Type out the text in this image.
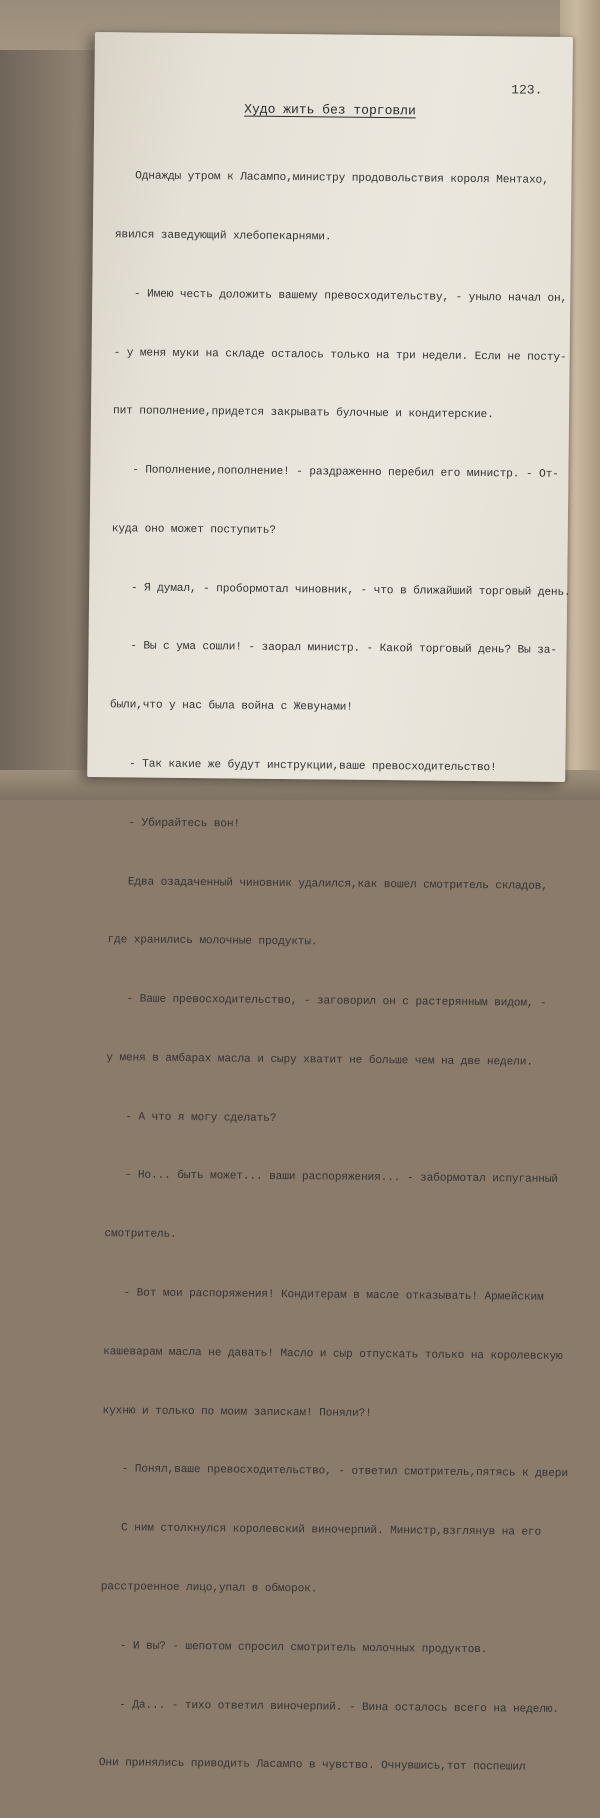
123.
Худо жить без торговли

Однажды утром к Ласампо,министру продовольствия короля Ментахо,

явился заведующий хлебопекарнями.

- Имею честь доложить вашему превосходительству, - уныло начал он,

- у меня муки на складе осталось только на три недели. Если не посту-

пит пополнение,придется закрывать булочные и кондитерские.

- Пополнение,пополнение! - раздраженно перебил его министр. - От-

куда оно может поступить?

- Я думал, - пробормотал чиновник, - что в ближайший торговый день.

- Вы с ума сошли! - заорал министр. - Какой торговый день? Вы за-

были,что у нас была война с Жевунами!

- Так какие же будут инструкции,ваше превосходительство!

- Убирайтесь вон!

Едва озадаченный чиновник удалился,как вошел смотритель складов,

где хранились молочные продукты.

- Ваше превосходительство, - заговорил он с растерянным видом, -

у меня в амбарах масла и сыру хватит не больше чем на две недели.

- А что я могу сделать?

- Но... быть может... ваши распоряжения... - забормотал испуганный

смотритель.

- Вот мои распоряжения! Кондитерам в масле отказывать! Армейским

кашеварам масла не давать! Масло и сыр отпускать только на королевскую

кухню и только по моим запискам! Поняли?!

- Понял,ваше превосходительство, - ответил смотритель,пятясь к двери

С ним столкнулся королевский виночерпий. Министр,взглянув на его

расстроенное лицо,упал в обморок.

- И вы? - шепотом спросил смотритель молочных продуктов.

- Да... - тихо ответил виночерпий. - Вина осталось всего на неделю.

Они принялись приводить Ласампо в чувство. Очнувшись,тот поспешил
